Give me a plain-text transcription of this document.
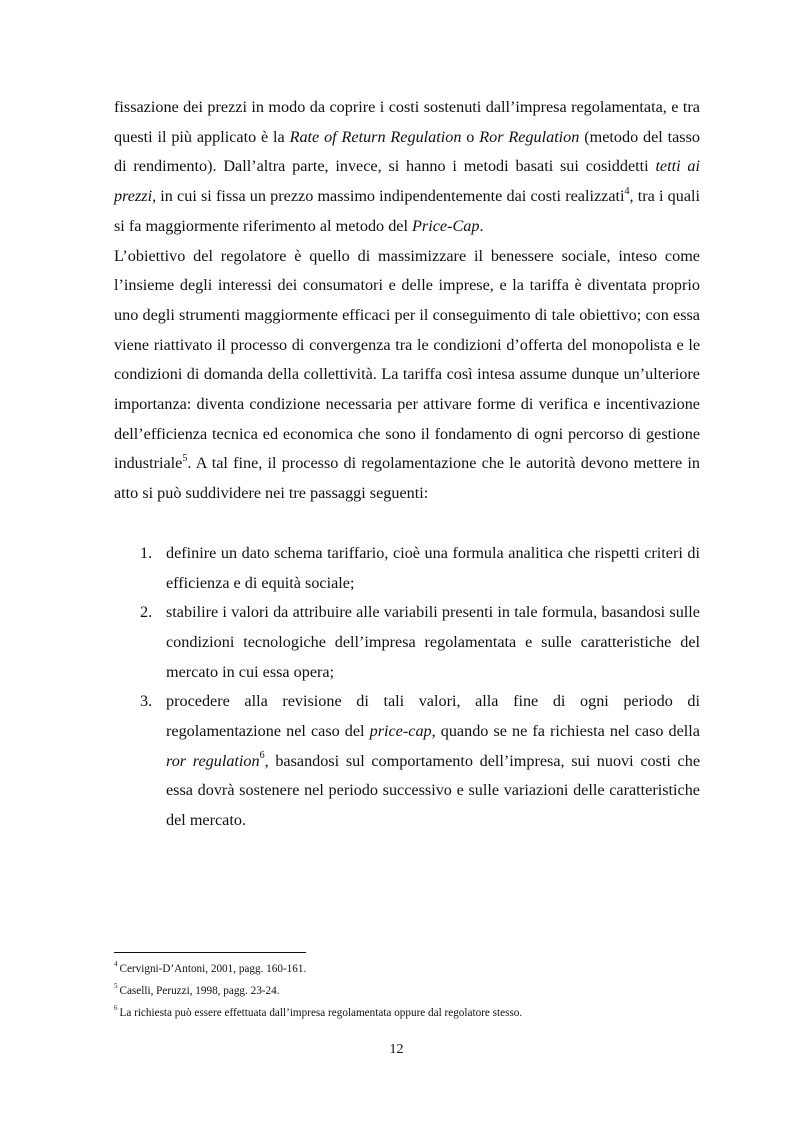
fissazione dei prezzi in modo da coprire i costi sostenuti dall’impresa regolamentata, e tra questi il più applicato è la Rate of Return Regulation o Ror Regulation (metodo del tasso di rendimento). Dall’altra parte, invece, si hanno i metodi basati sui cosiddetti tetti ai prezzi, in cui si fissa un prezzo massimo indipendentemente dai costi realizzati$^4$, tra i quali si fa maggiormente riferimento al metodo del Price-Cap.

L’obiettivo del regolatore è quello di massimizzare il benessere sociale, inteso come l’insieme degli interessi dei consumatori e delle imprese, e la tariffa è diventata proprio uno degli strumenti maggiormente efficaci per il conseguimento di tale obiettivo; con essa viene riattivato il processo di convergenza tra le condizioni d’offerta del monopolista e le condizioni di domanda della collettività. La tariffa così intesa assume dunque un’ulteriore importanza: diventa condizione necessaria per attivare forme di verifica e incentivazione dell’efficienza tecnica ed economica che sono il fondamento di ogni percorso di gestione industriale$^5$. A tal fine, il processo di regolamentazione che le autorità devono mettere in atto si può suddividere nei tre passaggi seguenti:

1. definire un dato schema tariffario, cioè una formula analitica che rispetti criteri di efficienza e di equità sociale;
2. stabilire i valori da attribuire alle variabili presenti in tale formula, basandosi sulle condizioni tecnologiche dell’impresa regolamentata e sulle caratteristiche del mercato in cui essa opera;
3. procedere alla revisione di tali valori, alla fine di ogni periodo di regolamentazione nel caso del price-cap, quando se ne fa richiesta nel caso della ror regulation$^6$, basandosi sul comportamento dell’impresa, sui nuovi costi che essa dovrà sostenere nel periodo successivo e sulle variazioni delle caratteristiche del mercato.

$^4$ Cervigni-D’Antoni, 2001, pagg. 160-161.

$^5$ Caselli, Peruzzi, 1998, pagg. 23-24.

$^6$ La richiesta può essere effettuata dall’impresa regolamentata oppure dal regolatore stesso.

12
